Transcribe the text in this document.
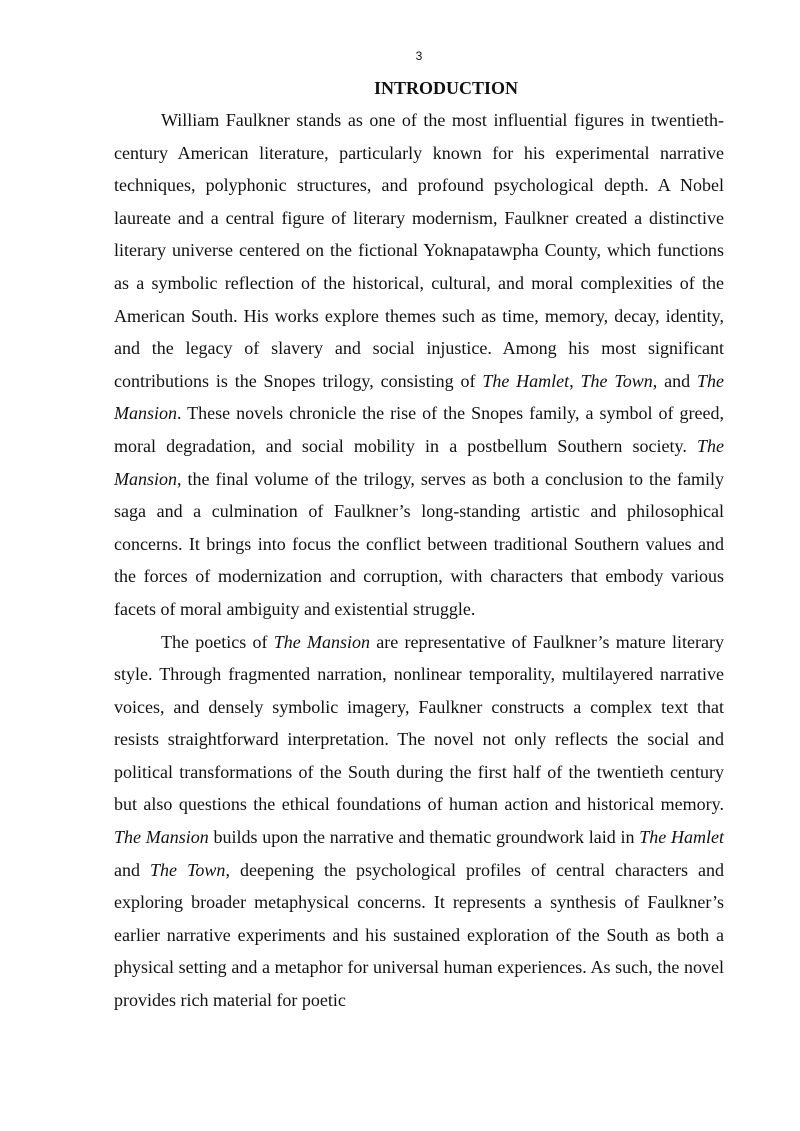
3
INTRODUCTION

William Faulkner stands as one of the most influential figures in twentieth-century American literature, particularly known for his experimental narrative techniques, polyphonic structures, and profound psychological depth. A Nobel laureate and a central figure of literary modernism, Faulkner created a distinctive literary universe centered on the fictional Yoknapatawpha County, which functions as a symbolic reflection of the historical, cultural, and moral complexities of the American South. His works explore themes such as time, memory, decay, identity, and the legacy of slavery and social injustice. Among his most significant contributions is the Snopes trilogy, consisting of The Hamlet, The Town, and The Mansion. These novels chronicle the rise of the Snopes family, a symbol of greed, moral degradation, and social mobility in a postbellum Southern society. The Mansion, the final volume of the trilogy, serves as both a conclusion to the family saga and a culmination of Faulkner’s long-standing artistic and philosophical concerns. It brings into focus the conflict between traditional Southern values and the forces of modernization and corruption, with characters that embody various facets of moral ambiguity and existential struggle.

The poetics of The Mansion are representative of Faulkner’s mature literary style. Through fragmented narration, nonlinear temporality, multilayered narrative voices, and densely symbolic imagery, Faulkner constructs a complex text that resists straightforward interpretation. The novel not only reflects the social and political transformations of the South during the first half of the twentieth century but also questions the ethical foundations of human action and historical memory. The Mansion builds upon the narrative and thematic groundwork laid in The Hamlet and The Town, deepening the psychological profiles of central characters and exploring broader metaphysical concerns. It represents a synthesis of Faulkner’s earlier narrative experiments and his sustained exploration of the South as both a physical setting and a metaphor for universal human experiences. As such, the novel provides rich material for poetic
